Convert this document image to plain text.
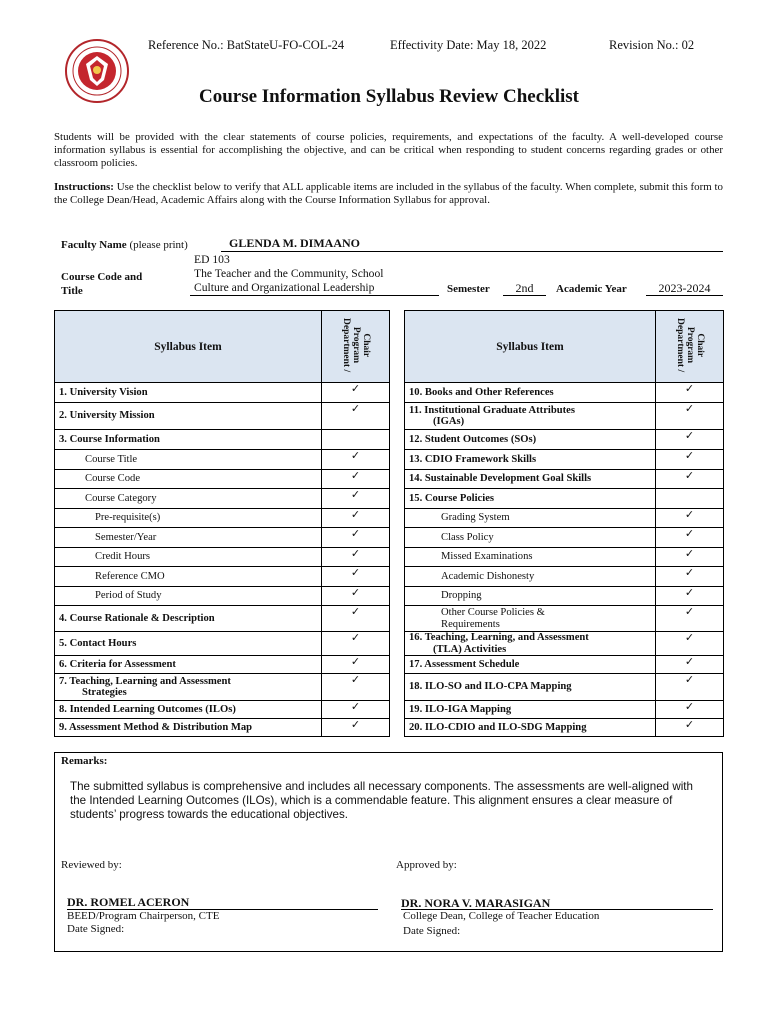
Reference No.: BatStateU-FO-COL-24	Effectivity Date: May 18, 2022	Revision No.: 02
Course Information Syllabus Review Checklist
Students will be provided with the clear statements of course policies, requirements, and expectations of the faculty. A well-developed course information syllabus is essential for accomplishing the objective, and can be critical when responding to student concerns regarding grades or other classroom policies.
Instructions: Use the checklist below to verify that ALL applicable items are included in the syllabus of the faculty. When complete, submit this form to the College Dean/Head, Academic Affairs along with the Course Information Syllabus for approval.
Faculty Name (please print)	GLENDA M. DIMAANO
Course Code and
Title
ED 103
The Teacher and the Community, School
Culture and Organizational Leadership	Semester	2nd	Academic Year	2023-2024
Syllabus Item	Department /
Program
Chair
1. University Vision	✓
2. University Mission	✓
3. Course Information	
Course Title	✓
Course Code	✓
Course Category	✓
Pre-requisite(s)	✓
Semester/Year	✓
Credit Hours	✓
Reference CMO	✓
Period of Study	✓
4. Course Rationale & Description	✓
5. Contact Hours	✓
6. Criteria for Assessment	✓
7. Teaching, Learning and Assessment
Strategies	✓
8. Intended Learning Outcomes (ILOs)	✓
9. Assessment Method & Distribution Map	✓
Syllabus Item	Department /
Program
Chair
10. Books and Other References	✓
11. Institutional Graduate Attributes
(IGAs)	✓
12. Student Outcomes (SOs)	✓
13. CDIO Framework Skills	✓
14. Sustainable Development Goal Skills	✓
15. Course Policies	
Grading System	✓
Class Policy	✓
Missed Examinations	✓
Academic Dishonesty	✓
Dropping	✓
Other Course Policies &
Requirements	✓
16. Teaching, Learning, and Assessment
(TLA) Activities	✓
17. Assessment Schedule	✓
18. ILO-SO and ILO-CPA Mapping	✓
19. ILO-IGA Mapping	✓
20. ILO-CDIO and ILO-SDG Mapping	✓
Remarks:
The submitted syllabus is comprehensive and includes all necessary components. The assessments are well-aligned with the Intended Learning Outcomes (ILOs), which is a commendable feature. This alignment ensures a clear measure of students’ progress towards the educational objectives.
Reviewed by:
DR. ROMEL ACERON
BEED/Program Chairperson, CTE
Date Signed:
Approved by:
DR. NORA V. MARASIGAN
College Dean, College of Teacher Education
Date Signed:
